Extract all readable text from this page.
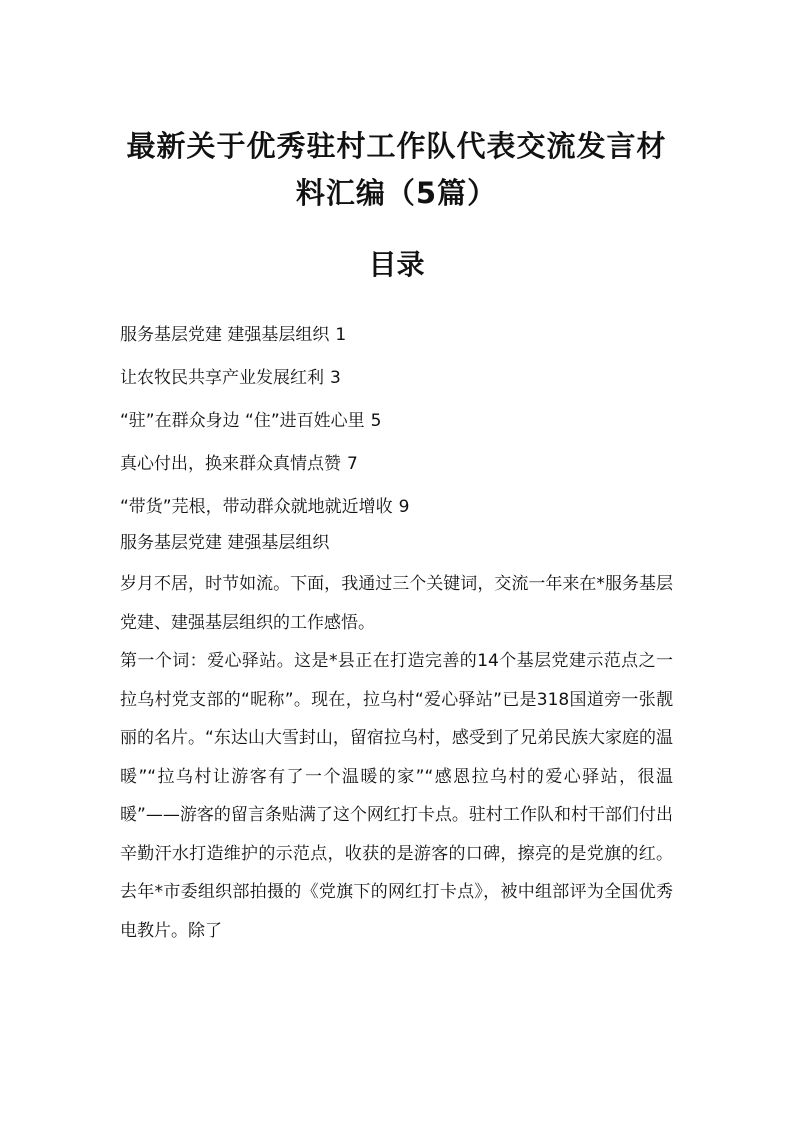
最新关于优秀驻村工作队代表交流发言材
料汇编（5篇）
目录
服务基层党建 建强基层组织 1
让农牧民共享产业发展红利 3
“驻”在群众身边 “住”进百姓心里 5
真心付出，换来群众真情点赞 7
“带货”芫根，带动群众就地就近增收 9
服务基层党建 建强基层组织

岁月不居，时节如流。下面，我通过三个关键词，交流一年来在*服务基层党建、建强基层组织的工作感悟。

第一个词：爱心驿站。这是*县正在打造完善的14个基层党建示范点之一拉乌村党支部的“昵称”。现在，拉乌村“爱心驿站”已是318国道旁一张靓丽的名片。“东达山大雪封山，留宿拉乌村，感受到了兄弟民族大家庭的温暖”“拉乌村让游客有了一个温暖的家”“感恩拉乌村的爱心驿站，很温暖”——游客的留言条贴满了这个网红打卡点。驻村工作队和村干部们付出辛勤汗水打造维护的示范点，收获的是游客的口碑，擦亮的是党旗的红。去年*市委组织部拍摄的《党旗下的网红打卡点》，被中组部评为全国优秀电教片。除了
